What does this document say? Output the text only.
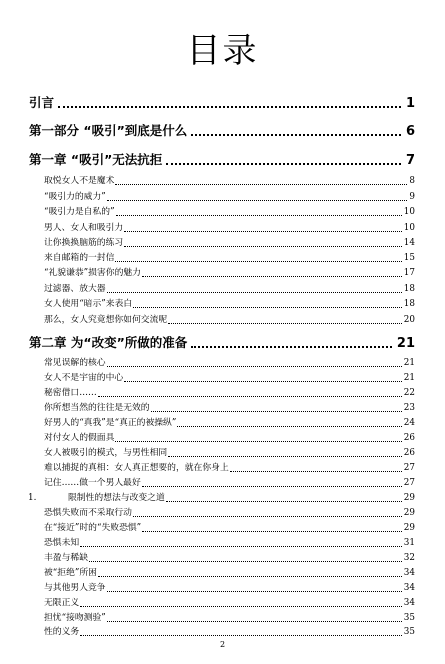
目录
引言	1
第一部分 “吸引”到底是什么	6
第一章 “吸引”无法抗拒	7
取悦女人不是魔术	8
“吸引力的威力”	9
“吸引力是自私的”	10
男人、女人和吸引力	10
让你换换脑筋的练习	14
来自邮箱的一封信	15
“礼貌谦恭”损害你的魅力	17
过滤器、放大器	18
女人使用“暗示”来表白	18
那么，女人究竟想你如何交流呢	20
第二章 为“改变”所做的准备	21
常见误解的核心	21
女人不是宇宙的中心	21
秘密借口……	22
你所想当然的往往是无效的	23
好男人的“真我”是“真正的被操纵”	24
对付女人的假面具	26
女人被吸引的模式，与男性相同	26
难以捕捉的真相：女人真正想要的，就在你身上	27
记住……做一个男人最好	27
1.	限制性的想法与改变之道	29
恐惧失败而不采取行动	29
在“接近”时的“失败恐惧”	29
恐惧未知	31
丰盈与稀缺	32
被“拒绝”所困	34
与其他男人竞争	34
无限正义	34
担忧“接吻测验”	35
性的义务	35
2
